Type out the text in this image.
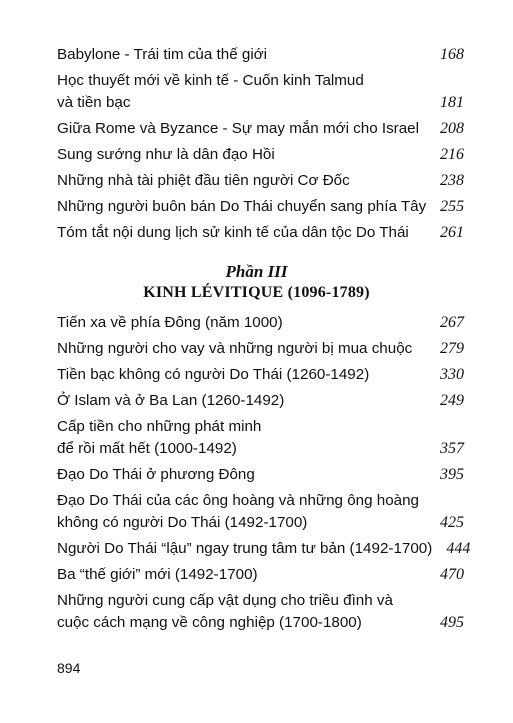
Babylone - Trái tim của thế giới	168
Học thuyết mới về kinh tế - Cuốn kinh Talmud
và tiền bạc	181
Giữa Rome và Byzance - Sự may mắn mới cho Israel	208
Sung sướng như là dân đạo Hồi	216
Những nhà tài phiệt đầu tiên người Cơ Đốc	238
Những người buôn bán Do Thái chuyển sang phía Tây 255
Tóm tắt nội dung lịch sử kinh tế của dân tộc Do Thái	261
Phần III
KINH LÉVITIQUE (1096-1789)
Tiến xa về phía Đông (năm 1000)	267
Những người cho vay và những người bị mua chuộc	279
Tiền bạc không có người Do Thái (1260-1492)	330
Ở Islam và ở Ba Lan (1260-1492)	249
Cấp tiền cho những phát minh
để rồi mất hết (1000-1492)	357
Đạo Do Thái ở phương Đông	395
Đạo Do Thái của các ông hoàng và những ông hoàng
không có người Do Thái (1492-1700)	425
Người Do Thái “lậu” ngay trung tâm tư bản (1492-1700) 444
Ba “thế giới” mới (1492-1700)	470
Những người cung cấp vật dụng cho triều đình và
cuộc cách mạng về công nghiệp (1700-1800)	495
894
